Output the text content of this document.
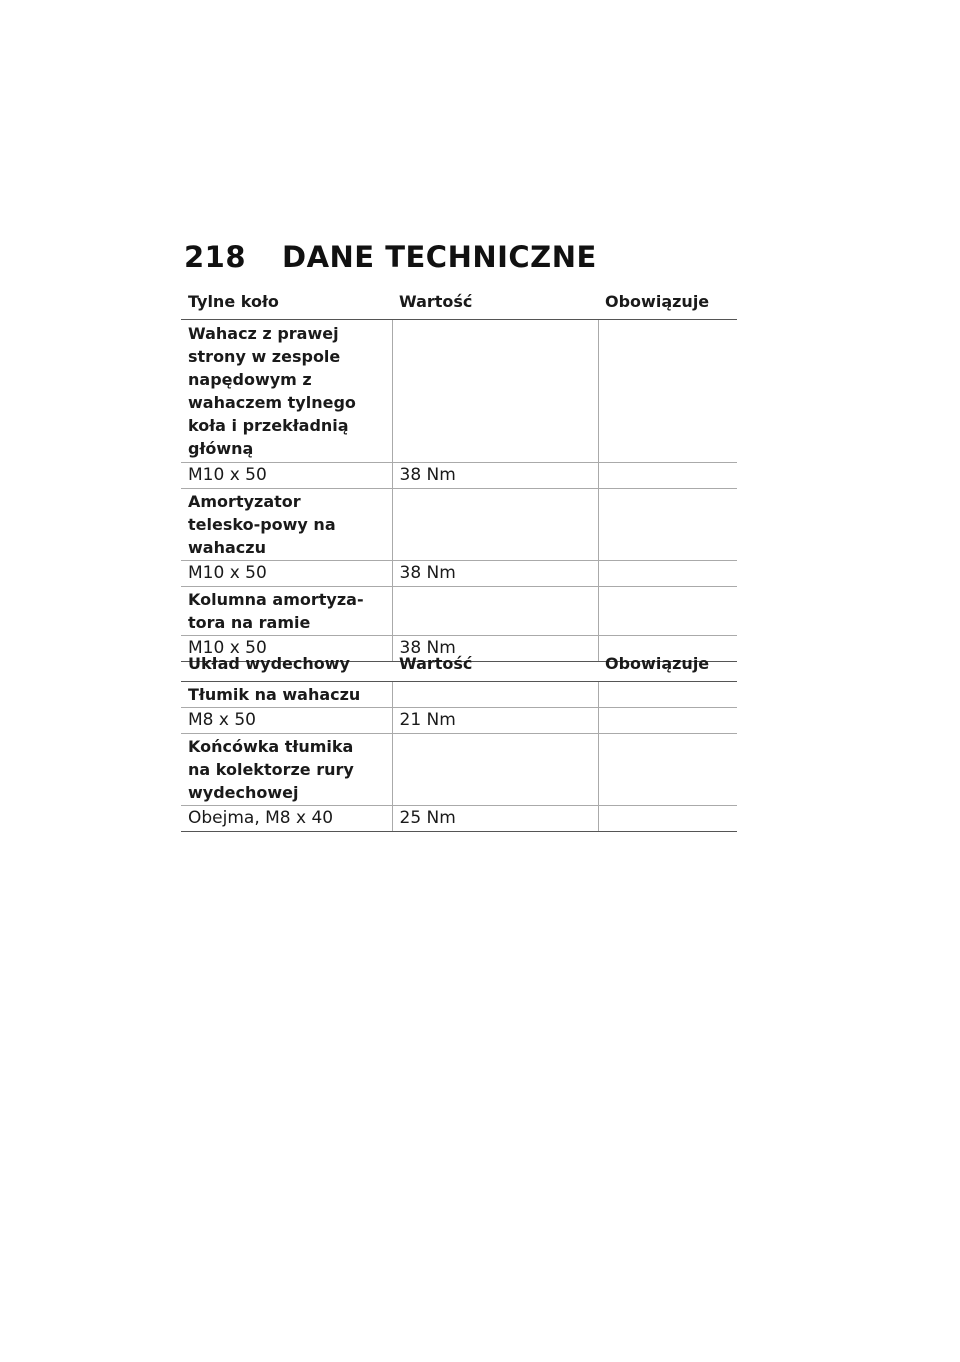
218	DANE TECHNICZNE
Tylne koło	Wartość	Obowiązuje
Wahacz z prawej strony w zespole napędowym z wahaczem tylnego koła i przekładnią główną		
M10 x 50	38 Nm	
Amortyzator telesko-powy na wahaczu		
M10 x 50	38 Nm	
Kolumna amortyza-tora na ramie		
M10 x 50	38 Nm	
Układ wydechowy	Wartość	Obowiązuje
Tłumik na wahaczu		
M8 x 50	21 Nm	
Końcówka tłumika na kolektorze rury wydechowej		
Obejma, M8 x 40	25 Nm	
